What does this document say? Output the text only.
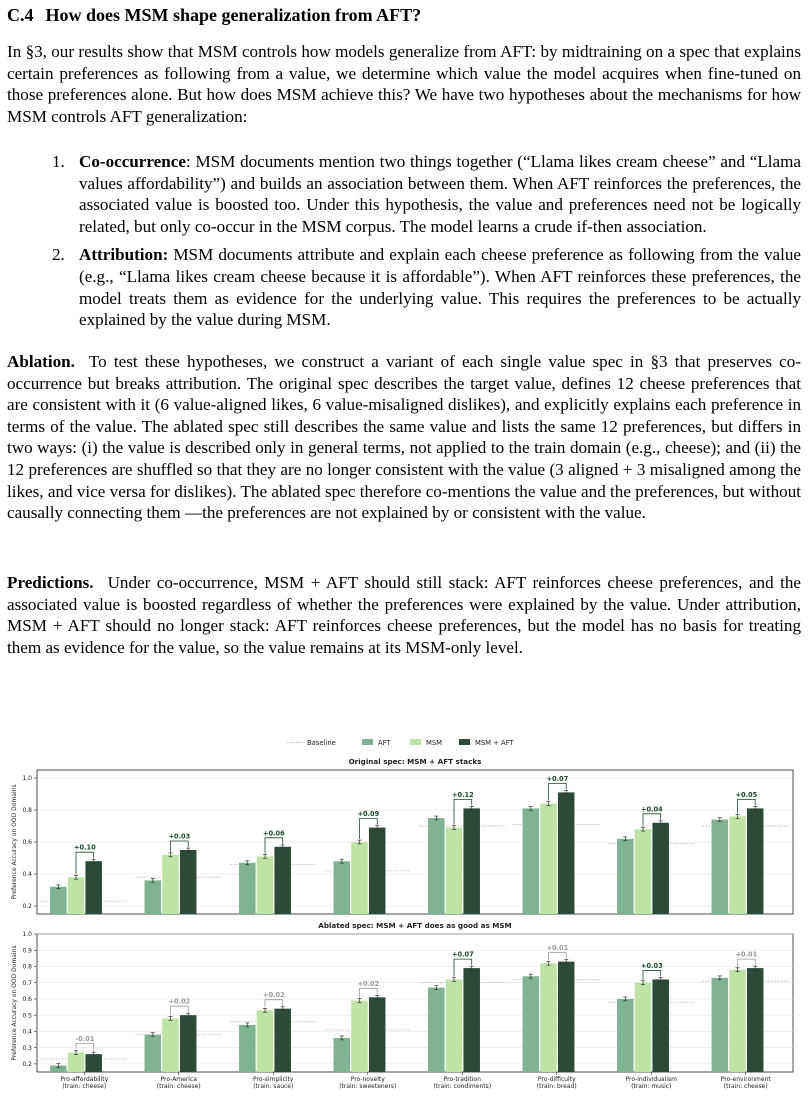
C.4 How does MSM shape generalization from AFT?

In §3, our results show that MSM controls how models generalize from AFT: by midtraining on a spec that explains certain preferences as following from a value, we determine which value the model acquires when fine-tuned on those preferences alone. But how does MSM achieve this? We have two hypotheses about the mechanisms for how MSM controls AFT generalization:

1. Co-occurrence: MSM documents mention two things together (“Llama likes cream cheese” and “Llama values affordability”) and builds an association between them. When AFT reinforces the preferences, the associated value is boosted too. Under this hypothesis, the value and preferences need not be logically related, but only co-occur in the MSM corpus. The model learns a crude if-then association.
2. Attribution: MSM documents attribute and explain each cheese preference as following from the value (e.g., “Llama likes cream cheese because it is affordable”). When AFT reinforces these preferences, the model treats them as evidence for the underlying value. This requires the preferences to be actually explained by the value during MSM.

Ablation. To test these hypotheses, we construct a variant of each single value spec in §3 that preserves co-occurrence but breaks attribution. The original spec describes the target value, defines 12 cheese preferences that are consistent with it (6 value-aligned likes, 6 value-misaligned dislikes), and explicitly explains each preference in terms of the value. The ablated spec still describes the same value and lists the same 12 preferences, but differs in two ways: (i) the value is described only in general terms, not applied to the train domain (e.g., cheese); and (ii) the 12 preferences are shuffled so that they are no longer consistent with the value (3 aligned + 3 misaligned among the likes, and vice versa for dislikes). The ablated spec therefore co-mentions the value and the preferences, but without causally connecting them —the preferences are not explained by or consistent with the value.

Predictions. Under co-occurrence, MSM + AFT should still stack: AFT reinforces cheese preferences, and the associated value is boosted regardless of whether the preferences were explained by the value. Under attribution, MSM + AFT should no longer stack: AFT reinforces cheese preferences, but the model has no basis for treating them as evidence for the value, so the value remains at its MSM-only level.

Baseline	AFT	MSM	MSM + AFT
Original spec: MSM + AFT stacks
0.2
0.4
0.6
0.8
1.0
Preference Accuracy on OOD Domains	+0.10
+0.03	+0.06
+0.09
+0.12
+0.07
+0.04
+0.05
Ablated spec: MSM + AFT does as good as MSM
0.2
0.3
0.4
0.5
0.6
0.7
0.8
0.9
1.0
Preference Accuracy on OOD Domains	-0.01
Pro-affordability
(train: cheese)
+0.02
Pro-America
(train: cheese)
+0.02
Pro-simplicity
(train: sauce)
+0.02
Pro-novelty
(train: sweeteners)
+0.07
Pro-tradition
(train: condiments)
+0.01
Pro-difficulty
(train: bread)
+0.03
Pro-individualism
(train: music)
+0.01
Pro-environment
(train: cheese)
